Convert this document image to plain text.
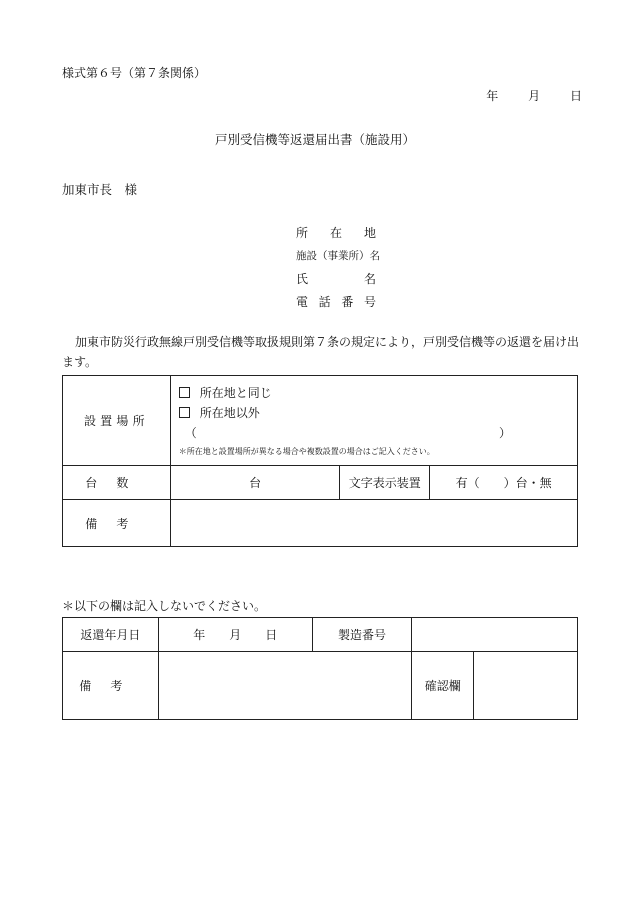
様式第６号（第７条関係）
年 月 日
戸別受信機等返還届出書（施設用）
加東市長　様
所在地
施設（事業所）名
氏名
電話番号
加東市防災行政無線戸別受信機等取扱規則第７条の規定により，戸別受信機等の返還を届け出ます。
設置場所	所在地と同じ
所在地以外
（ ）
＊所在地と設置場所が異なる場合や複数設置の場合はご記入ください。		

台数	台	文字表示装置	有（　　）台・無
備考			
＊以下の欄は記入しないでください。
返還年月日	年　　月　　日	製造番号		
備考			確認欄	
